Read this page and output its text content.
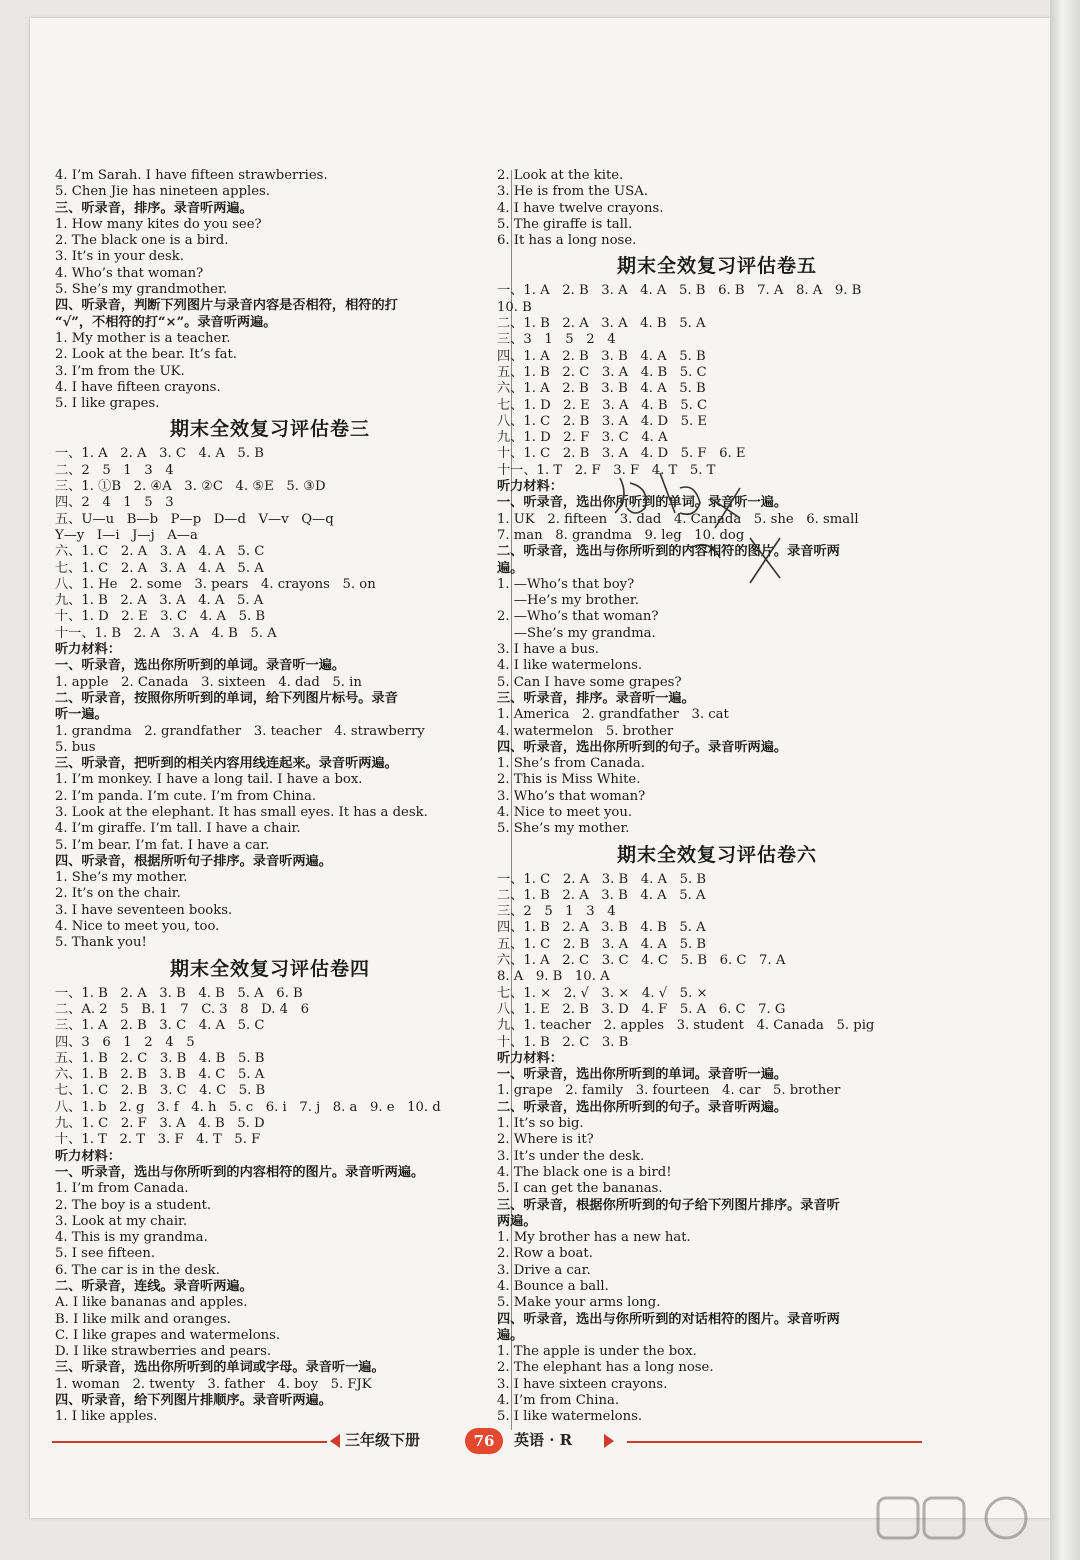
4. I’m Sarah. I have fifteen strawberries.
5. Chen Jie has nineteen apples.
三、听录音，排序。录音听两遍。
1. How many kites do you see?
2. The black one is a bird.
3. It’s in your desk.
4. Who’s that woman?
5. She’s my grandmother.
四、听录音，判断下列图片与录音内容是否相符，相符的打
“√”，不相符的打“×”。录音听两遍。
1. My mother is a teacher.
2. Look at the bear. It’s fat.
3. I’m from the UK.
4. I have fifteen crayons.
5. I like grapes.
期末全效复习评估卷三
一、1. A   2. A   3. C   4. A   5. B
二、2   5   1   3   4
三、1. ①B   2. ④A   3. ②C   4. ⑤E   5. ③D
四、2   4   1   5   3
五、U—u   B—b   P—p   D—d   V—v   Q—q
Y—y   I—i   J—j   A—a
六、1. C   2. A   3. A   4. A   5. C
七、1. C   2. A   3. A   4. A   5. A
八、1. He   2. some   3. pears   4. crayons   5. on
九、1. B   2. A   3. A   4. A   5. A
十、1. D   2. E   3. C   4. A   5. B
十一、1. B   2. A   3. A   4. B   5. A
听力材料：
一、听录音，选出你所听到的单词。录音听一遍。
1. apple   2. Canada   3. sixteen   4. dad   5. in
二、听录音，按照你所听到的单词，给下列图片标号。录音
听一遍。
1. grandma   2. grandfather   3. teacher   4. strawberry
5. bus
三、听录音，把听到的相关内容用线连起来。录音听两遍。
1. I’m monkey. I have a long tail. I have a box.
2. I’m panda. I’m cute. I’m from China.
3. Look at the elephant. It has small eyes. It has a desk.
4. I’m giraffe. I’m tall. I have a chair.
5. I’m bear. I’m fat. I have a car.
四、听录音，根据所听句子排序。录音听两遍。
1. She’s my mother.
2. It’s on the chair.
3. I have seventeen books.
4. Nice to meet you, too.
5. Thank you!
期末全效复习评估卷四
一、1. B   2. A   3. B   4. B   5. A   6. B
二、A. 2   5   B. 1   7   C. 3   8   D. 4   6
三、1. A   2. B   3. C   4. A   5. C
四、3   6   1   2   4   5
五、1. B   2. C   3. B   4. B   5. B
六、1. B   2. B   3. B   4. C   5. A
七、1. C   2. B   3. C   4. C   5. B
八、1. b   2. g   3. f   4. h   5. c   6. i   7. j   8. a   9. e   10. d
九、1. C   2. F   3. A   4. B   5. D
十、1. T   2. T   3. F   4. T   5. F
听力材料：
一、听录音，选出与你所听到的内容相符的图片。录音听两遍。
1. I’m from Canada.
2. The boy is a student.
3. Look at my chair.
4. This is my grandma.
5. I see fifteen.
6. The car is in the desk.
二、听录音，连线。录音听两遍。
A. I like bananas and apples.
B. I like milk and oranges.
C. I like grapes and watermelons.
D. I like strawberries and pears.
三、听录音，选出你所听到的单词或字母。录音听一遍。
1. woman   2. twenty   3. father   4. boy   5. FJK
四、听录音，给下列图片排顺序。录音听两遍。
1. I like apples.
2. Look at the kite.
3. He is from the USA.
4. I have twelve crayons.
5. The giraffe is tall.
6. It has a long nose.
期末全效复习评估卷五
一、1. A   2. B   3. A   4. A   5. B   6. B   7. A   8. A   9. B
10. B
二、1. B   2. A   3. A   4. B   5. A
三、3   1   5   2   4
四、1. A   2. B   3. B   4. A   5. B
五、1. B   2. C   3. A   4. B   5. C
六、1. A   2. B   3. B   4. A   5. B
七、1. D   2. E   3. A   4. B   5. C
八、1. C   2. B   3. A   4. D   5. E
九、1. D   2. F   3. C   4. A
十、1. C   2. B   3. A   4. D   5. F   6. E
十一、1. T   2. F   3. F   4. T   5. T
听力材料：
一、听录音，选出你所听到的单词。录音听一遍。
1. UK   2. fifteen   3. dad   4. Canada   5. she   6. small
7. man   8. grandma   9. leg   10. dog
二、听录音，选出与你所听到的内容相符的图片。录音听两
遍。
1. —Who’s that boy?
—He’s my brother.
2. —Who’s that woman?
—She’s my grandma.
3. I have a bus.
4. I like watermelons.
5. Can I have some grapes?
三、听录音，排序。录音听一遍。
1. America   2. grandfather   3. cat
4. watermelon   5. brother
四、听录音，选出你所听到的句子。录音听两遍。
1. She’s from Canada.
2. This is Miss White.
3. Who’s that woman?
4. Nice to meet you.
5. She’s my mother.
期末全效复习评估卷六
一、1. C   2. A   3. B   4. A   5. B
二、1. B   2. A   3. B   4. A   5. A
三、2   5   1   3   4
四、1. B   2. A   3. B   4. B   5. A
五、1. C   2. B   3. A   4. A   5. B
六、1. A   2. C   3. C   4. C   5. B   6. C   7. A
8. A   9. B   10. A
七、1. ×   2. √   3. ×   4. √   5. ×
八、1. E   2. B   3. D   4. F   5. A   6. C   7. G
九、1. teacher   2. apples   3. student   4. Canada   5. pig
十、1. B   2. C   3. B
听力材料：
一、听录音，选出你所听到的单词。录音听一遍。
1. grape   2. family   3. fourteen   4. car   5. brother
二、听录音，选出你所听到的句子。录音听两遍。
1. It’s so big.
2. Where is it?
3. It’s under the desk.
4. The black one is a bird!
5. I can get the bananas.
三、听录音，根据你所听到的句子给下列图片排序。录音听
两遍。
1. My brother has a new hat.
2. Row a boat.
3. Drive a car.
4. Bounce a ball.
5. Make your arms long.
四、听录音，选出与你所听到的对话相符的图片。录音听两
遍。
1. The apple is under the box.
2. The elephant has a long nose.
3. I have sixteen crayons.
4. I’m from China.
5. I like watermelons.
三年级下册	76	英语 · R
